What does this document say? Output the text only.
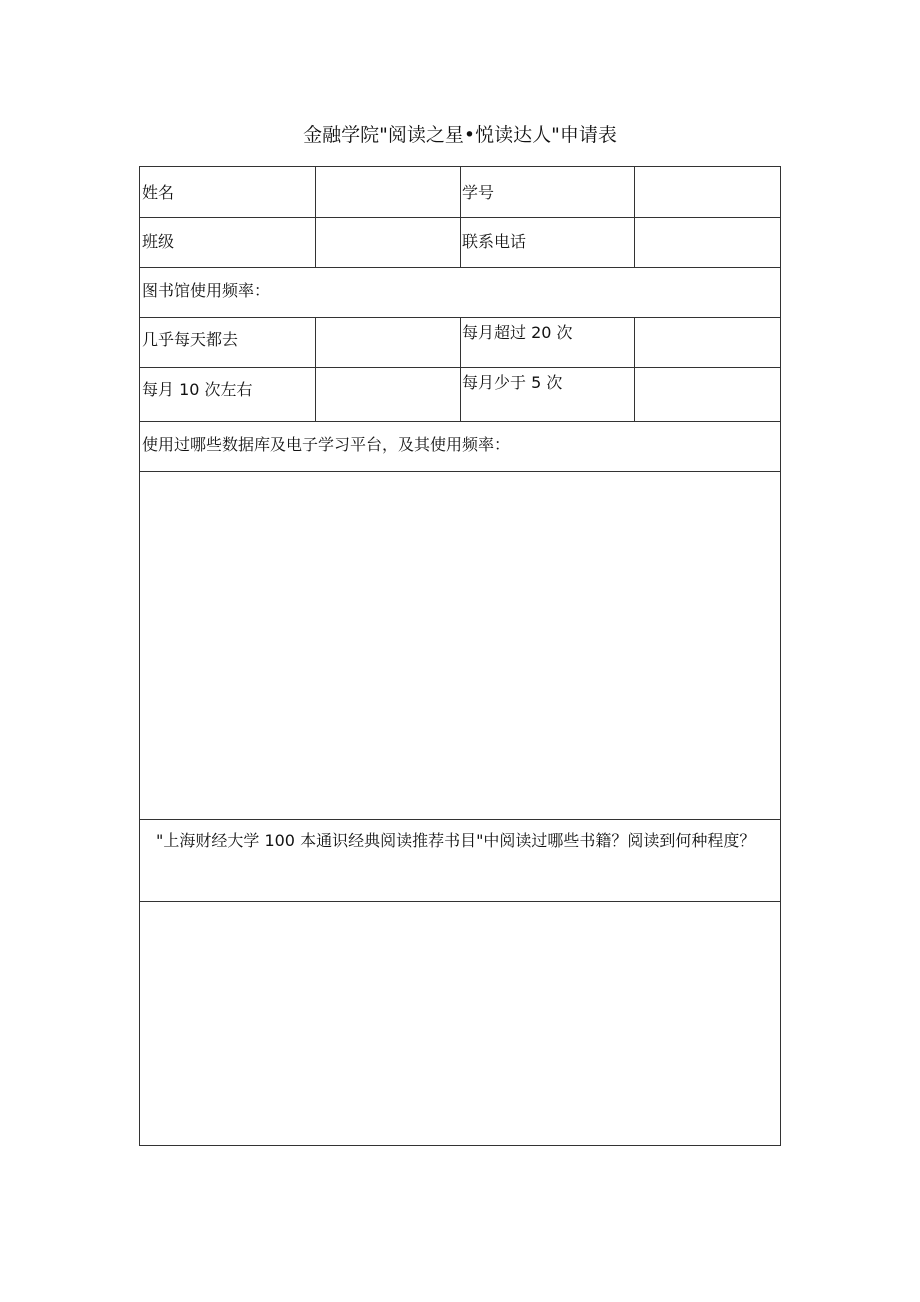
金融学院"阅读之星•悦读达人"申请表
姓名	学号
班级	联系电话
图书馆使用频率：
几乎每天都去	每月超过 20 次
每月 10 次左右	每月少于 5 次
使用过哪些数据库及电子学习平台，及其使用频率：
"上海财经大学 100 本通识经典阅读推荐书目"中阅读过哪些书籍？阅读到何种程度？
